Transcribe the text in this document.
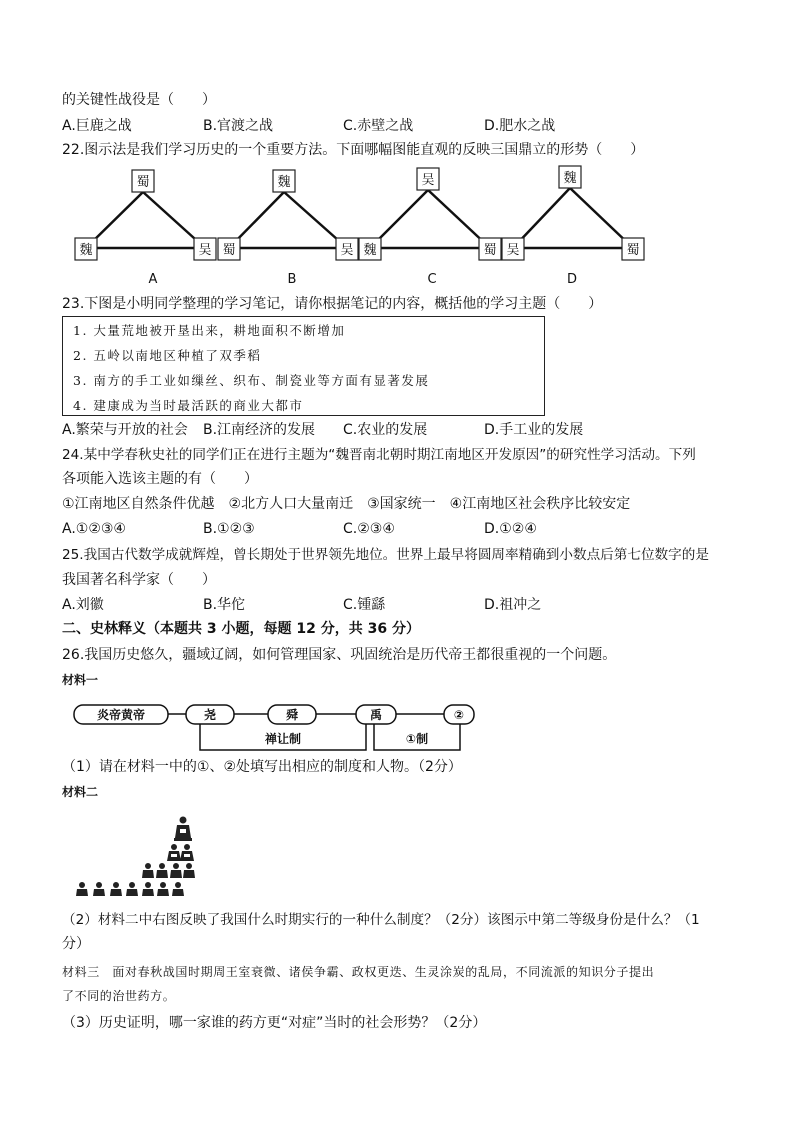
的关键性战役是（　　）
A.巨鹿之战	B.官渡之战	C.赤壁之战	D.肥水之战
22.图示法是我们学习历史的一个重要方法。下面哪幅图能直观的反映三国鼎立的形势（　　）
蜀
魏	吴
魏
蜀	吴
吴
魏	蜀
魏
吴	蜀
A	B	C	D
23.下图是小明同学整理的学习笔记，请你根据笔记的内容，概括他的学习主题（　　）
1. 大量荒地被开垦出来，耕地面积不断增加
2. 五岭以南地区种植了双季稻
3. 南方的手工业如缫丝、织布、制瓷业等方面有显著发展
4. 建康成为当时最活跃的商业大都市
A.繁荣与开放的社会 B.江南经济的发展 C.农业的发展	D.手工业的发展
24.某中学春秋史社的同学们正在进行主题为“魏晋南北朝时期江南地区开发原因”的研究性学习活动。下列
各项能入选该主题的有（　　）
①江南地区自然条件优越　②北方人口大量南迁　③国家统一　④江南地区社会秩序比较安定
A.①②③④	B.①②③	C.②③④	D.①②④
25.我国古代数学成就辉煌，曾长期处于世界领先地位。世界上最早将圆周率精确到小数点后第七位数字的是
我国著名科学家（　　）
A.刘徽	B.华佗	C.锺繇	D.祖冲之
二、史林释义（本题共 3 小题，每题 12 分，共 36 分）
26.我国历史悠久，疆域辽阔，如何管理国家、巩固统治是历代帝王都很重视的一个问题。
材料一
炎帝黄帝	尧	舜	禹	②
禅让制	①制
（1）请在材料一中的①、②处填写出相应的制度和人物。（2分）
材料二
（2）材料二中右图反映了我国什么时期实行的一种什么制度？（2分）该图示中第二等级身份是什么？（1
分）
材料三　面对春秋战国时期周王室衰微、诸侯争霸、政权更迭、生灵涂炭的乱局，不同流派的知识分子提出
了不同的治世药方。
（3）历史证明，哪一家谁的药方更“对症”当时的社会形势？（2分）
